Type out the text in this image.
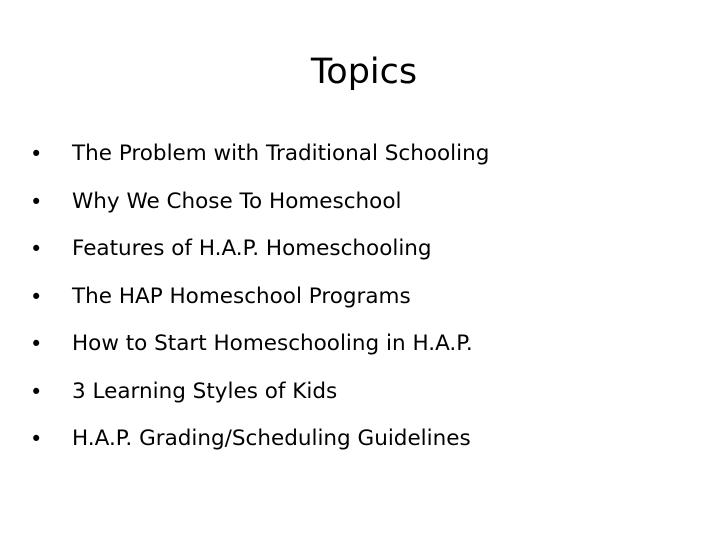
Topics
•	The Problem with Traditional Schooling
•	Why We Chose To Homeschool
•	Features of H.A.P. Homeschooling
•	The HAP Homeschool Programs
•	How to Start Homeschooling in H.A.P.
•	3 Learning Styles of Kids
•	H.A.P. Grading/Scheduling Guidelines
